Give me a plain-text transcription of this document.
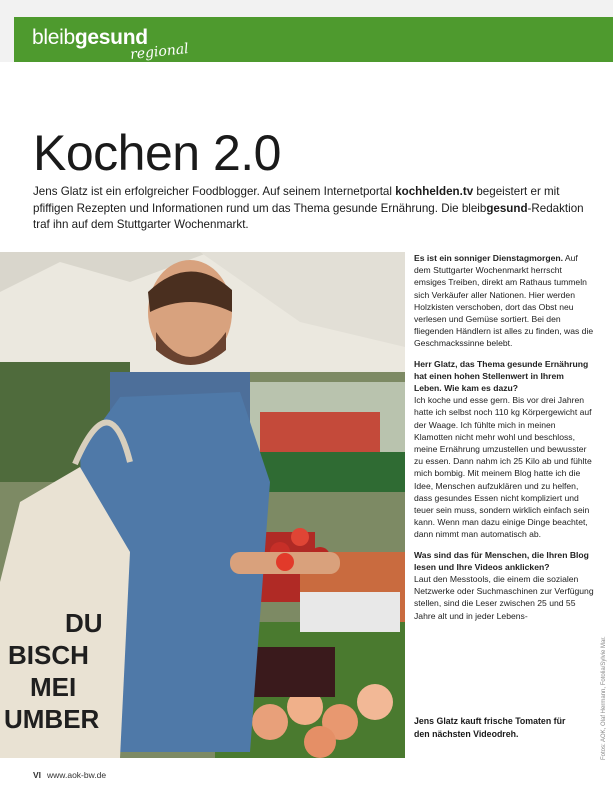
bleibgesund
regional
Kochen 2.0
Jens Glatz ist ein erfolgreicher Foodblogger. Auf seinem Internetportal kochhelden.tv begeistert er mit pfiffigen Rezepten und Informationen rund um das Thema gesunde Ernährung. Die bleibgesund-Redaktion traf ihn auf dem Stuttgarter Wochenmarkt.
DU
BISCH
MEI
UMBER

Es ist ein sonniger Dienstagmorgen. Auf dem Stuttgarter Wochenmarkt herrscht emsiges Treiben, direkt am Rathaus tummeln sich Verkäufer aller Nationen. Hier werden Holzkisten verschoben, dort das Obst neu verlesen und Gemüse sortiert. Bei den fliegenden Händlern ist alles zu finden, was die Geschmackssinne belebt.

Herr Glatz, das Thema gesunde Ernährung hat einen hohen Stellenwert in Ihrem Leben. Wie kam es dazu?
Ich koche und esse gern. Bis vor drei Jahren hatte ich selbst noch 110 kg Körpergewicht auf der Waage. Ich fühlte mich in meinen Klamotten nicht mehr wohl und beschloss, meine Ernährung umzustellen und bewusster zu essen. Dann nahm ich 25 Kilo ab und fühlte mich bombig. Mit meinem Blog hatte ich die Idee, Menschen aufzuklären und zu helfen, dass gesundes Essen nicht kompliziert und teuer sein muss, sondern wirklich einfach sein kann. Wenn man dazu einige Dinge beachtet, dann nimmt man automatisch ab.

Was sind das für Menschen, die Ihren Blog lesen und Ihre Videos anklicken?
Laut den Messtools, die einem die sozialen Netzwerke oder Suchmaschinen zur Verfügung stellen, sind die Leser zwischen 25 und 55 Jahre alt und in jeder Lebens-

Jens Glatz kauft frische Tomaten für den nächsten Videodreh.	Fotos: AOK, Olaf Hermann, Fotolia/Sylvie Mar.
VI www.aok-bw.de
